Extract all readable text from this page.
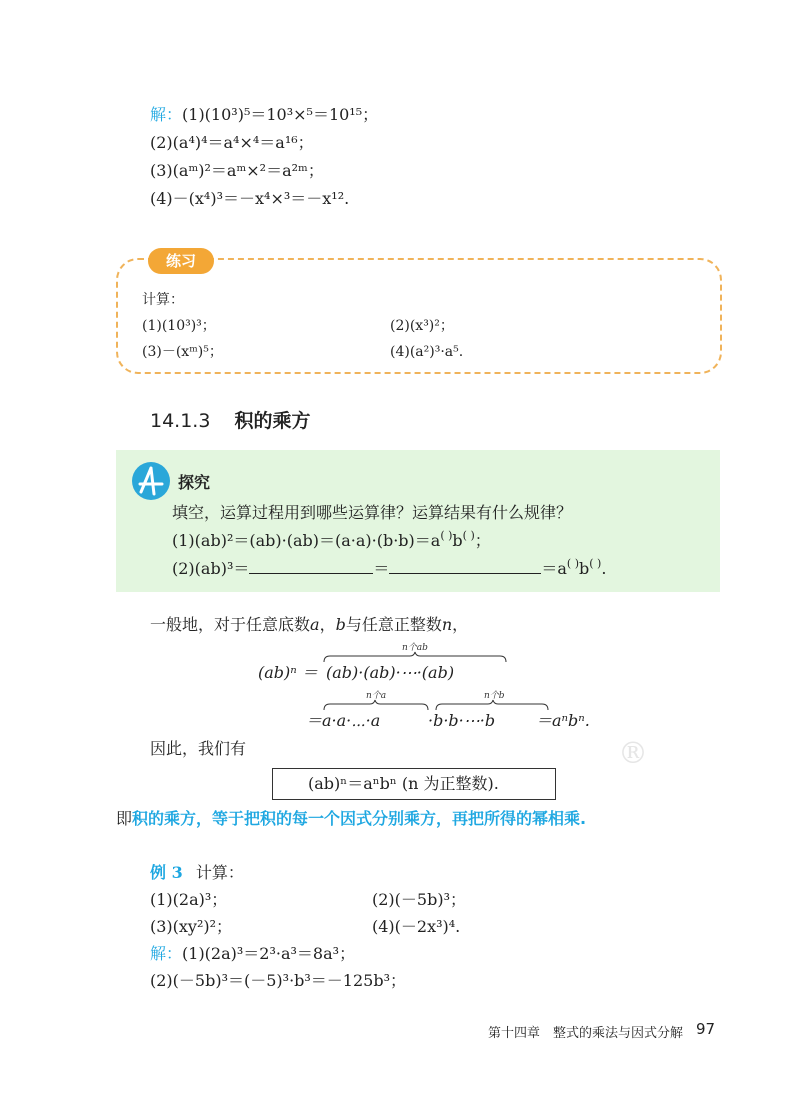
®
解：(1)(10³)⁵＝10³×⁵＝10¹⁵；
(2)(a⁴)⁴＝a⁴×⁴＝a¹⁶；
(3)(aᵐ)²＝aᵐ×²＝a²ᵐ；
(4)－(x⁴)³＝－x⁴×³＝－x¹².
练习
计算：
(1)(10³)³；	(2)(x³)²；
(3)－(xᵐ)⁵；	(4)(a²)³·a⁵.
14.1.3 积的乘方
探究
填空，运算过程用到哪些运算律？运算结果有什么规律？
(1)(ab)²＝(ab)·(ab)＝(a·a)·(b·b)＝a( )b( )；
(2)(ab)³＝	＝	＝a( )b( ).
一般地，对于任意底数a，b与任意正整数n，
n个ab
n个a	n个b
(ab)ⁿ ＝ (ab)·(ab)·⋯·(ab)
＝a·a·⋯·a	·b·b·⋯·b	＝aⁿbⁿ.
因此，我们有
(ab)ⁿ＝aⁿbⁿ (n 为正整数).
即积的乘方，等于把积的每一个因式分别乘方，再把所得的幂相乘.
例 3 计算：
(1)(2a)³；	(2)(－5b)³；
(3)(xy²)²；	(4)(－2x³)⁴.
解：(1)(2a)³＝2³·a³＝8a³；
(2)(－5b)³＝(－5)³·b³＝－125b³；
第十四章　整式的乘法与因式分解 97
